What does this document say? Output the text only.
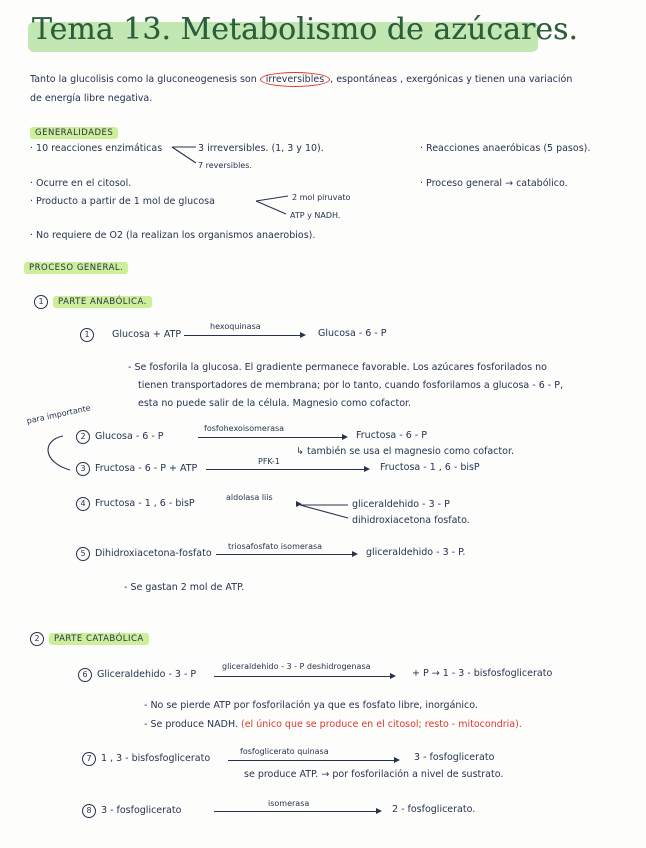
Tema 13. Metabolismo de azúcares.
Tanto la glucolisis como la gluconeogenesis son irreversibles , espontáneas , exergónicas y tienen una variación
de energía libre negativa.
GENERALIDADES
· 10 reacciones enzimáticas	3 irreversibles. (1, 3 y 10).
7 reversibles.
· Ocurre en el citosol.
· Producto a partir de 1 mol de glucosa	2 mol piruvato
ATP y NADH.
· No requiere de O2 (la realizan los organismos anaerobios).
· Reacciones anaeróbicas (5 pasos).
· Proceso general → catabólico.
PROCESO GENERAL.
1 PARTE ANABÓLICA.
1 Glucosa + ATP
hexoquinasa
Glucosa - 6 - P
- Se fosforila la glucosa. El gradiente permanece favorable. Los azúcares fosforilados no
tienen transportadores de membrana; por lo tanto, cuando fosforilamos a glucosa - 6 - P,
esta no puede salir de la célula. Magnesio como cofactor.
para importante
2 Glucosa - 6 - P
fosfohexoisomerasa
Fructosa - 6 - P
↳ también se usa el magnesio como cofactor.
3 Fructosa - 6 - P + ATP
PFK-1
Fructosa - 1 , 6 - bisP
4 Fructosa - 1 , 6 - bisP
aldolasa liis
gliceraldehido - 3 - P
dihidroxiacetona fosfato.
5 Dihidroxiacetona-fosfato
triosafosfato isomerasa
gliceraldehido - 3 - P.
- Se gastan 2 mol de ATP.
2 PARTE CATABÓLICA
6 Gliceraldehido - 3 - P
gliceraldehido - 3 - P deshidrogenasa
+ P → 1 - 3 - bisfosfoglicerato
- No se pierde ATP por fosforilación ya que es fosfato libre, inorgánico.
- Se produce NADH. (el único que se produce en el citosol; resto - mitocondria).
7 1 , 3 - bisfosfoglicerato
fosfoglicerato quinasa
3 - fosfoglicerato
se produce ATP. → por fosforilación a nivel de sustrato.
8 3 - fosfoglicerato
isomerasa
2 - fosfoglicerato.
